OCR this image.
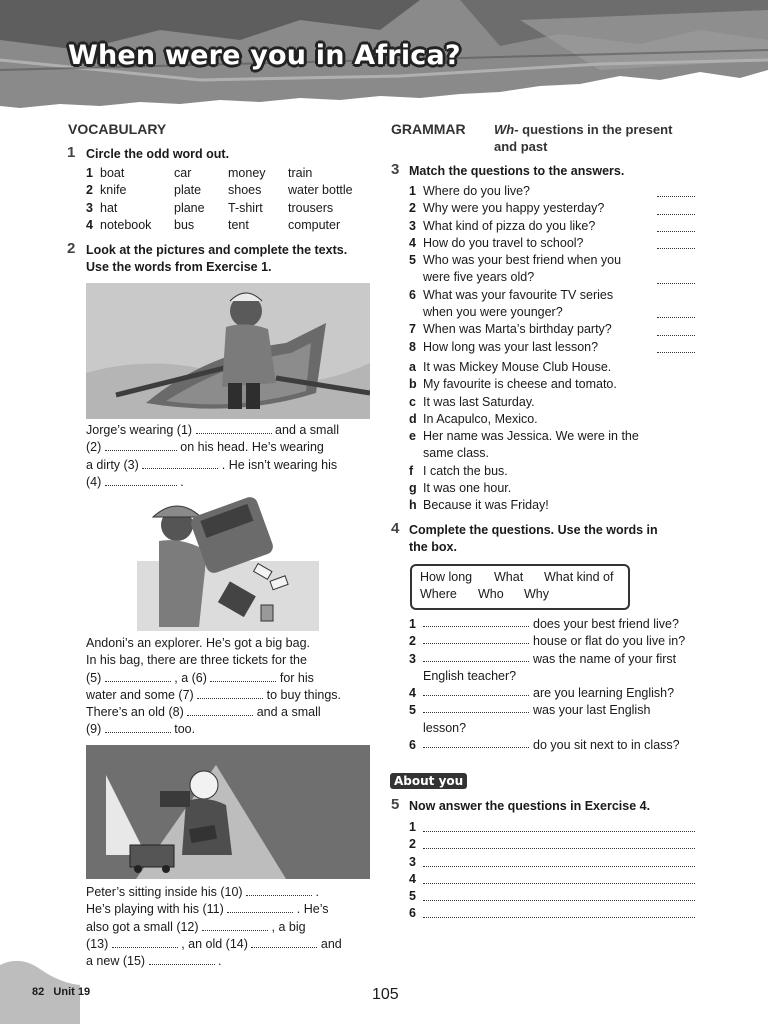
When were you in Africa?
VOCABULARY
1 Circle the odd word out.
1	boat	car	money	train
2	knife	plate	shoes	water bottle
3	hat	plane	T-shirt	trousers
4	notebook	bus	tent	computer
2 Look at the pictures and complete the texts.
Use the words from Exercise 1.
Jorge’s wearing (1)	and a small
(2)	on his head. He’s wearing
a dirty (3)	. He isn’t wearing his
(4)	.
Andoni’s an explorer. He’s got a big bag.
In his bag, there are three tickets for the
(5)	, a (6)	for his
water and some (7)	to buy things.
There’s an old (8)	and a small
(9)	too.
Peter’s sitting inside his (10)	.
He’s playing with his (11)	. He’s
also got a small (12)	, a big
(13)	, an old (14)	and
a new (15)	.
GRAMMAR Wh- questions in the present
and past
3 Match the questions to the answers.
1 Where do you live?
2 Why were you happy yesterday?
3 What kind of pizza do you like?
4 How do you travel to school?
5 Who was your best friend when you
were five years old?
6 What was your favourite TV series
when you were younger?
7 When was Marta’s birthday party?
8 How long was your last lesson?
a It was Mickey Mouse Club House.
b My favourite is cheese and tomato.
c It was last Saturday.
d In Acapulco, Mexico.
e Her name was Jessica. We were in the
same class.
f I catch the bus.
g It was one hour.
h Because it was Friday!
4 Complete the questions. Use the words in
the box.
How long What What kind of
Where Who Why
1	does your best friend live?
2	house or flat do you live in?
3	was the name of your first
English teacher?
4	are you learning English?
5	was your last English
lesson?
6	do you sit next to in class?
About you
5 Now answer the questions in Exercise 4.
1
2
3
4
5
6
82 Unit 19	105
